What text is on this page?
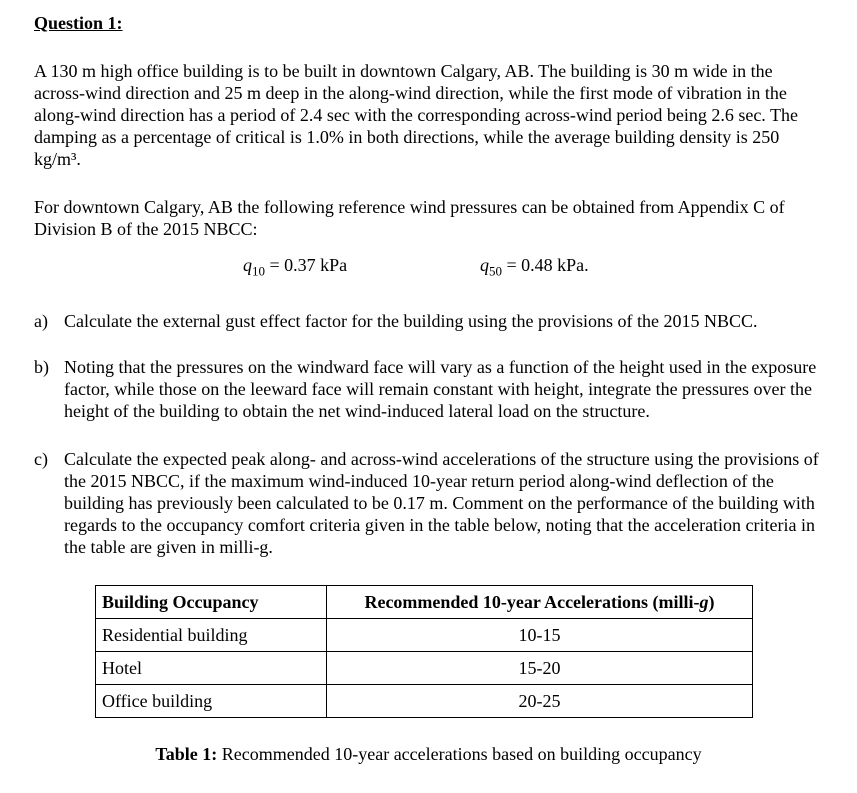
Question 1:

A 130 m high office building is to be built in downtown Calgary, AB. The building is 30 m wide in the across-wind direction and 25 m deep in the along-wind direction, while the first mode of vibration in the along-wind direction has a period of 2.4 sec with the corresponding across-wind period being 2.6 sec. The damping as a percentage of critical is 1.0% in both directions, while the average building density is 250 kg/m³.

For downtown Calgary, AB the following reference wind pressures can be obtained from Appendix C of Division B of the 2015 NBCC:

$q_{10} = 0.37$ kPa	$q_{50} = 0.48$ kPa.
a) Calculate the external gust effect factor for the building using the provisions of the 2015 NBCC.
b) Noting that the pressures on the windward face will vary as a function of the height used in the exposure factor, while those on the leeward face will remain constant with height, integrate the pressures over the height of the building to obtain the net wind-induced lateral load on the structure.
c) Calculate the expected peak along- and across-wind accelerations of the structure using the provisions of the 2015 NBCC, if the maximum wind-induced 10-year return period along-wind deflection of the building has previously been calculated to be 0.17 m. Comment on the performance of the building with regards to the occupancy comfort criteria given in the table below, noting that the acceleration criteria in the table are given in milli-g.
Building Occupancy	Recommended 10-year Accelerations (milli-g)
Residential building	10-15
Hotel	15-20
Office building	20-25
Table 1: Recommended 10-year accelerations based on building occupancy
